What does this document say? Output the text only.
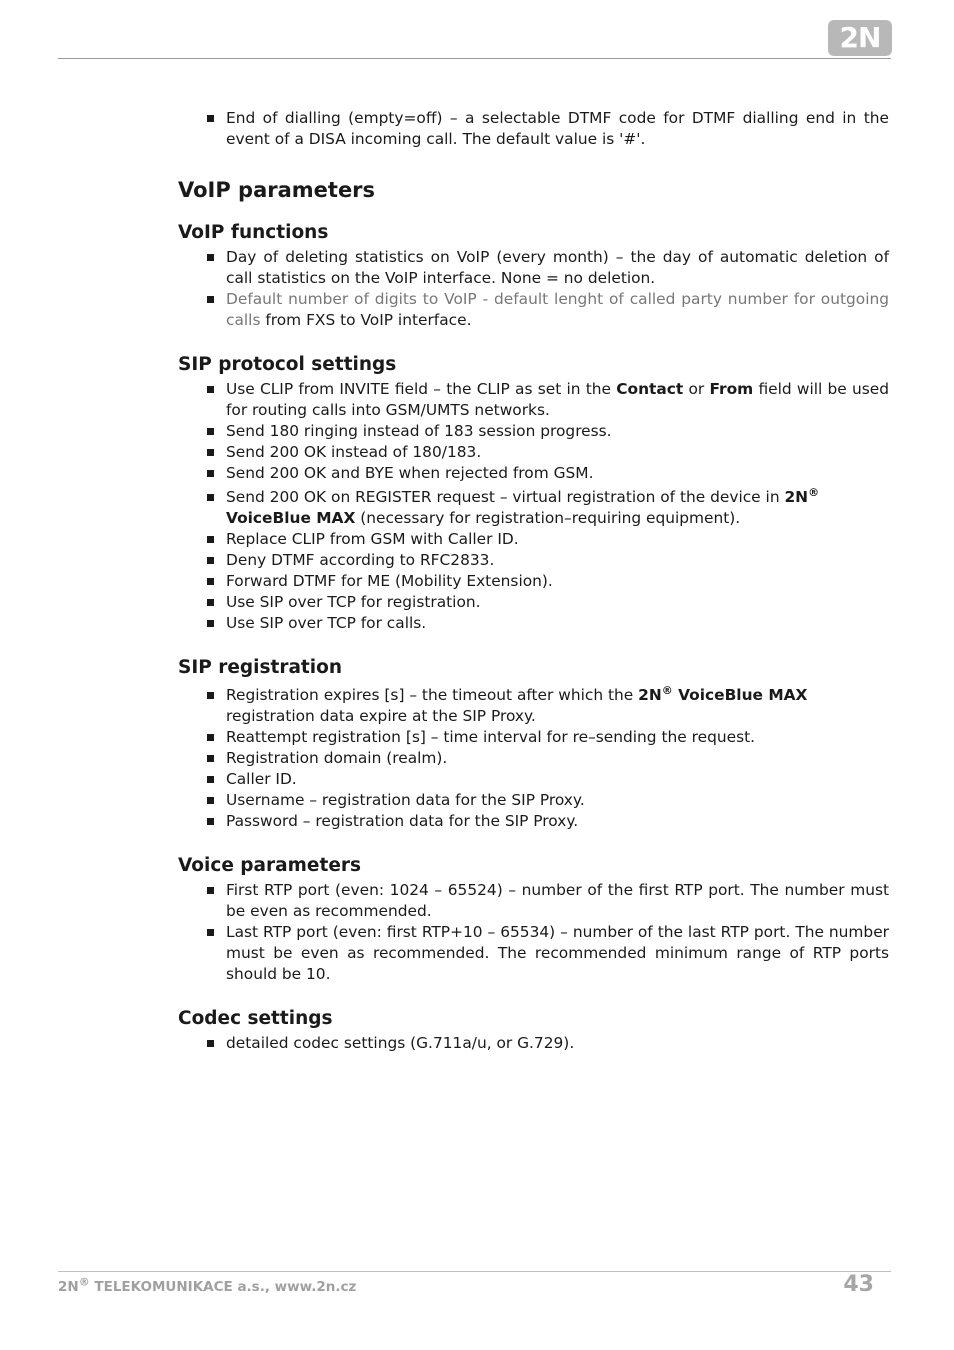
2N
End of dialling (empty=off) – a selectable DTMF code for DTMF dialling end in the event of a DISA incoming call. The default value is '#'.
VoIP parameters
VoIP functions
Day of deleting statistics on VoIP (every month) – the day of automatic deletion of call statistics on the VoIP interface. None = no deletion.
Default number of digits to VoIP - default lenght of called party number for outgoing calls from FXS to VoIP interface.
SIP protocol settings
Use CLIP from INVITE field – the CLIP as set in the Contact or From field will be used for routing calls into GSM/UMTS networks.
Send 180 ringing instead of 183 session progress.
Send 200 OK instead of 180/183.
Send 200 OK and BYE when rejected from GSM.
Send 200 OK on REGISTER request – virtual registration of the device in 2N®
VoiceBlue MAX (necessary for registration–requiring equipment).
Replace CLIP from GSM with Caller ID.
Deny DTMF according to RFC2833.
Forward DTMF for ME (Mobility Extension).
Use SIP over TCP for registration.
Use SIP over TCP for calls.
SIP registration
Registration expires [s] – the timeout after which the 2N® VoiceBlue MAX
registration data expire at the SIP Proxy.
Reattempt registration [s] – time interval for re–sending the request.
Registration domain (realm).
Caller ID.
Username – registration data for the SIP Proxy.
Password – registration data for the SIP Proxy.
Voice parameters
First RTP port (even: 1024 – 65524) – number of the first RTP port. The number must be even as recommended.
Last RTP port (even: first RTP+10 – 65534) – number of the last RTP port. The number must be even as recommended. The recommended minimum range of RTP ports should be 10.
Codec settings
detailed codec settings (G.711a/u, or G.729).
2N® TELEKOMUNIKACE a.s., www.2n.cz	43
